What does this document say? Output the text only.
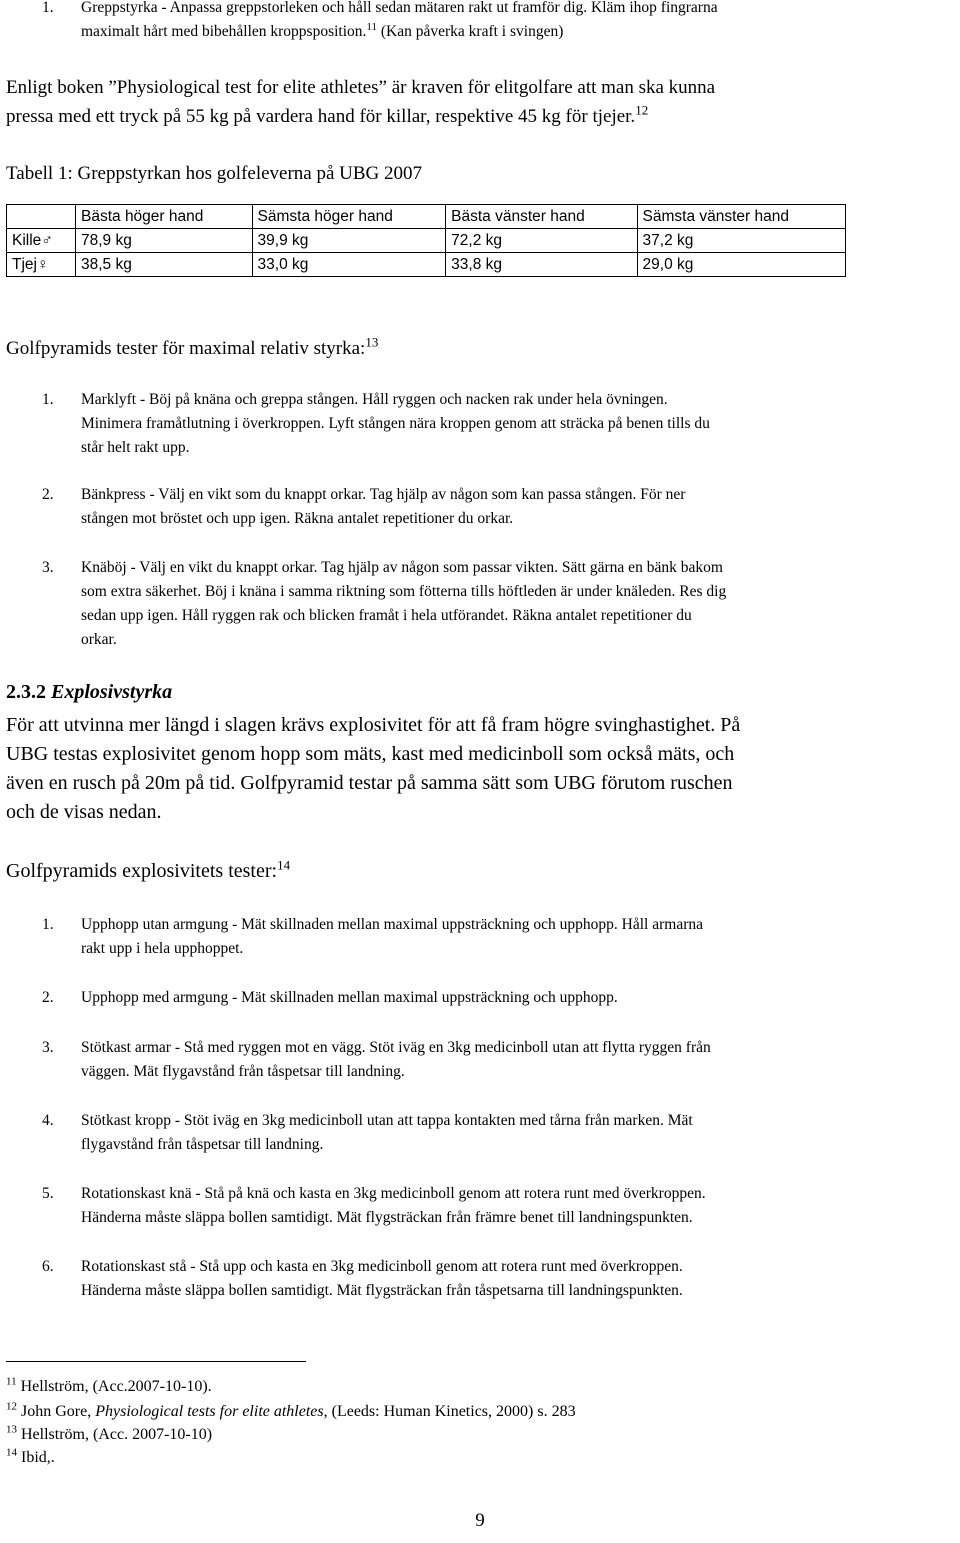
1. Greppstyrka - Anpassa greppstorleken och håll sedan mätaren rakt ut framför dig. Kläm ihop fingrarna
maximalt hårt med bibehållen kroppsposition.$^{11}$ (Kan påverka kraft i svingen)
Enligt boken ”Physiological test for elite athletes” är kraven för elitgolfare att man ska kunna
pressa med ett tryck på 55 kg på vardera hand för killar, respektive 45 kg för tjejer.$^{12}$
Tabell 1: Greppstyrkan hos golfeleverna på UBG 2007
	Bästa höger hand	Sämsta höger hand	Bästa vänster hand	Sämsta vänster hand
Kille♂	78,9 kg	39,9 kg	72,2 kg	37,2 kg
Tjej♀	38,5 kg	33,0 kg	33,8 kg	29,0 kg
Golfpyramids tester för maximal relativ styrka:$^{13}$
1. Marklyft - Böj på knäna och greppa stången. Håll ryggen och nacken rak under hela övningen.
Minimera framåtlutning i överkroppen. Lyft stången nära kroppen genom att sträcka på benen tills du
står helt rakt upp.
2. Bänkpress - Välj en vikt som du knappt orkar. Tag hjälp av någon som kan passa stången. För ner
stången mot bröstet och upp igen. Räkna antalet repetitioner du orkar.
3. Knäböj - Välj en vikt du knappt orkar. Tag hjälp av någon som passar vikten. Sätt gärna en bänk bakom
som extra säkerhet. Böj i knäna i samma riktning som fötterna tills höftleden är under knäleden. Res dig
sedan upp igen. Håll ryggen rak och blicken framåt i hela utförandet. Räkna antalet repetitioner du
orkar.
2.3.2 Explosivstyrka
För att utvinna mer längd i slagen krävs explosivitet för att få fram högre svinghastighet. På
UBG testas explosivitet genom hopp som mäts, kast med medicinboll som också mäts, och
även en rusch på 20m på tid. Golfpyramid testar på samma sätt som UBG förutom ruschen
och de visas nedan.
Golfpyramids explosivitets tester:$^{14}$
1. Upphopp utan armgung - Mät skillnaden mellan maximal uppsträckning och upphopp. Håll armarna
rakt upp i hela upphoppet.
2. Upphopp med armgung - Mät skillnaden mellan maximal uppsträckning och upphopp.
3. Stötkast armar - Stå med ryggen mot en vägg. Stöt iväg en 3kg medicinboll utan att flytta ryggen från
väggen. Mät flygavstånd från tåspetsar till landning.
4. Stötkast kropp - Stöt iväg en 3kg medicinboll utan att tappa kontakten med tårna från marken. Mät
flygavstånd från tåspetsar till landning.
5. Rotationskast knä - Stå på knä och kasta en 3kg medicinboll genom att rotera runt med överkroppen.
Händerna måste släppa bollen samtidigt. Mät flygsträckan från främre benet till landningspunkten.
6. Rotationskast stå - Stå upp och kasta en 3kg medicinboll genom att rotera runt med överkroppen.
Händerna måste släppa bollen samtidigt. Mät flygsträckan från tåspetsarna till landningspunkten.
$^{11}$ Hellström, (Acc.2007-10-10).
$^{12}$ John Gore, Physiological tests for elite athletes, (Leeds: Human Kinetics, 2000) s. 283
$^{13}$ Hellström, (Acc. 2007-10-10)
$^{14}$ Ibid,.
9
